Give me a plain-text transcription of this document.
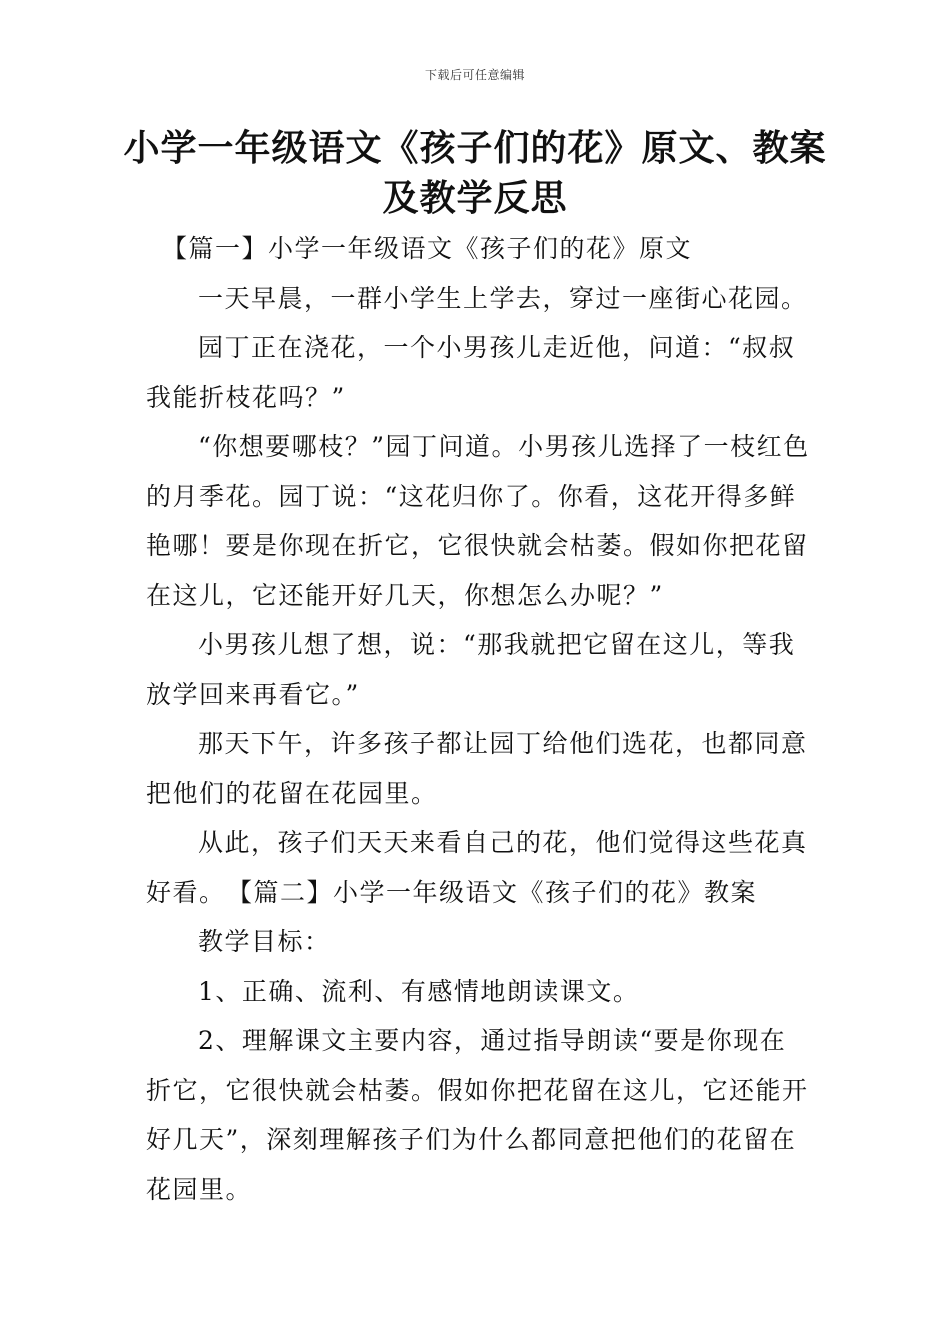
下载后可任意编辑
小学一年级语文《孩子们的花》原文、教案及教学反思

【篇一】小学一年级语文《孩子们的花》原文

一天早晨，一群小学生上学去，穿过一座街心花园。

园丁正在浇花，一个小男孩儿走近他，问道：“叔叔我能折枝花吗？”

“你想要哪枝？”园丁问道。小男孩儿选择了一枝红色的月季花。园丁说：“这花归你了。你看，这花开得多鲜艳哪！要是你现在折它，它很快就会枯萎。假如你把花留在这儿，它还能开好几天，你想怎么办呢？”

小男孩儿想了想，说：“那我就把它留在这儿，等我放学回来再看它。”

那天下午，许多孩子都让园丁给他们选花，也都同意把他们的花留在花园里。

从此，孩子们天天来看自己的花，他们觉得这些花真好看。　【篇二】小学一年级语文《孩子们的花》教案

教学目标：

1、正确、流利、有感情地朗读课文。

2、理解课文主要内容，通过指导朗读“要是你现在折它，它很快就会枯萎。假如你把花留在这儿，它还能开好几天”，深刻理解孩子们为什么都同意把他们的花留在花园里。
